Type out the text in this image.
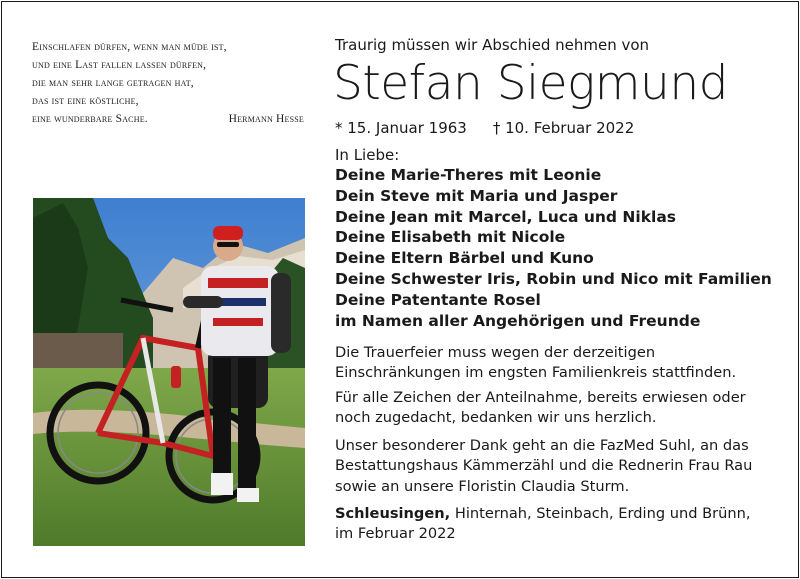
Einschlafen dürfen, wenn man müde ist,
und eine Last fallen lassen dürfen,
die man sehr lange getragen hat,
das ist eine köstliche,
eine wunderbare Sache.	Hermann Hesse
Traurig müssen wir Abschied nehmen von
Stefan Siegmund
* 15. Januar 1963 † 10. Februar 2022
In Liebe:
Deine Marie-Theres mit Leonie
Dein Steve mit Maria und Jasper
Deine Jean mit Marcel, Luca und Niklas
Deine Elisabeth mit Nicole
Deine Eltern Bärbel und Kuno
Deine Schwester Iris, Robin und Nico mit Familien
Deine Patentante Rosel
im Namen aller Angehörigen und Freunde
Die Trauerfeier muss wegen der derzeitigen
Einschränkungen im engsten Familienkreis stattfinden.
Für alle Zeichen der Anteilnahme, bereits erwiesen oder
noch zugedacht, bedanken wir uns herzlich.
Unser besonderer Dank geht an die FazMed Suhl, an das
Bestattungshaus Kämmerzähl und die Rednerin Frau Rau
sowie an unsere Floristin Claudia Sturm.
Schleusingen, Hinternah, Steinbach, Erding und Brünn,
im Februar 2022
